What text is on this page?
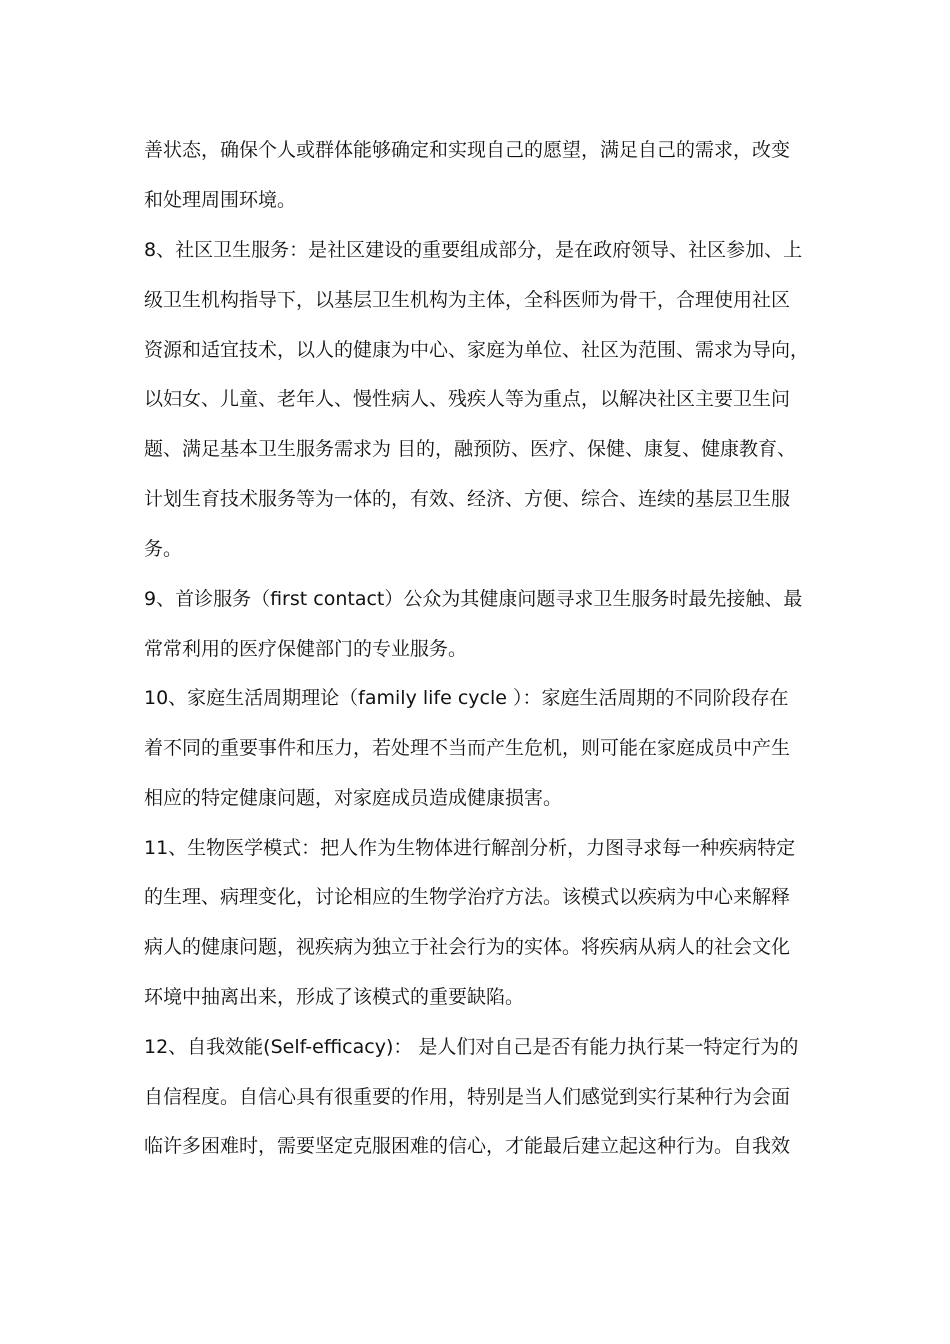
善状态，确保个人或群体能够确定和实现自己的愿望，满足自己的需求，改变
和处理周围环境。
8、社区卫生服务：是社区建设的重要组成部分，是在政府领导、社区参加、上
级卫生机构指导下，以基层卫生机构为主体，全科医师为骨干，合理使用社区
资源和适宜技术，以人的健康为中心、家庭为单位、社区为范围、需求为导向，
以妇女、儿童、老年人、慢性病人、残疾人等为重点，以解决社区主要卫生问
题、满足基本卫生服务需求为 目的，融预防、医疗、保健、康复、健康教育、
计划生育技术服务等为一体的，有效、经济、方便、综合、连续的基层卫生服
务。
9、首诊服务（first contact）公众为其健康问题寻求卫生服务时最先接触、最
常常利用的医疗保健部门的专业服务。
10、家庭生活周期理论（family life cycle ）：家庭生活周期的不同阶段存在
着不同的重要事件和压力，若处理不当而产生危机，则可能在家庭成员中产生
相应的特定健康问题，对家庭成员造成健康损害。
11、生物医学模式：把人作为生物体进行解剖分析，力图寻求每一种疾病特定
的生理、病理变化，讨论相应的生物学治疗方法。该模式以疾病为中心来解释
病人的健康问题，视疾病为独立于社会行为的实体。将疾病从病人的社会文化
环境中抽离出来，形成了该模式的重要缺陷。
12、自我效能(Self-efficacy)： 是人们对自己是否有能力执行某一特定行为的
自信程度。自信心具有很重要的作用，特别是当人们感觉到实行某种行为会面
临许多困难时，需要坚定克服困难的信心，才能最后建立起这种行为。自我效
